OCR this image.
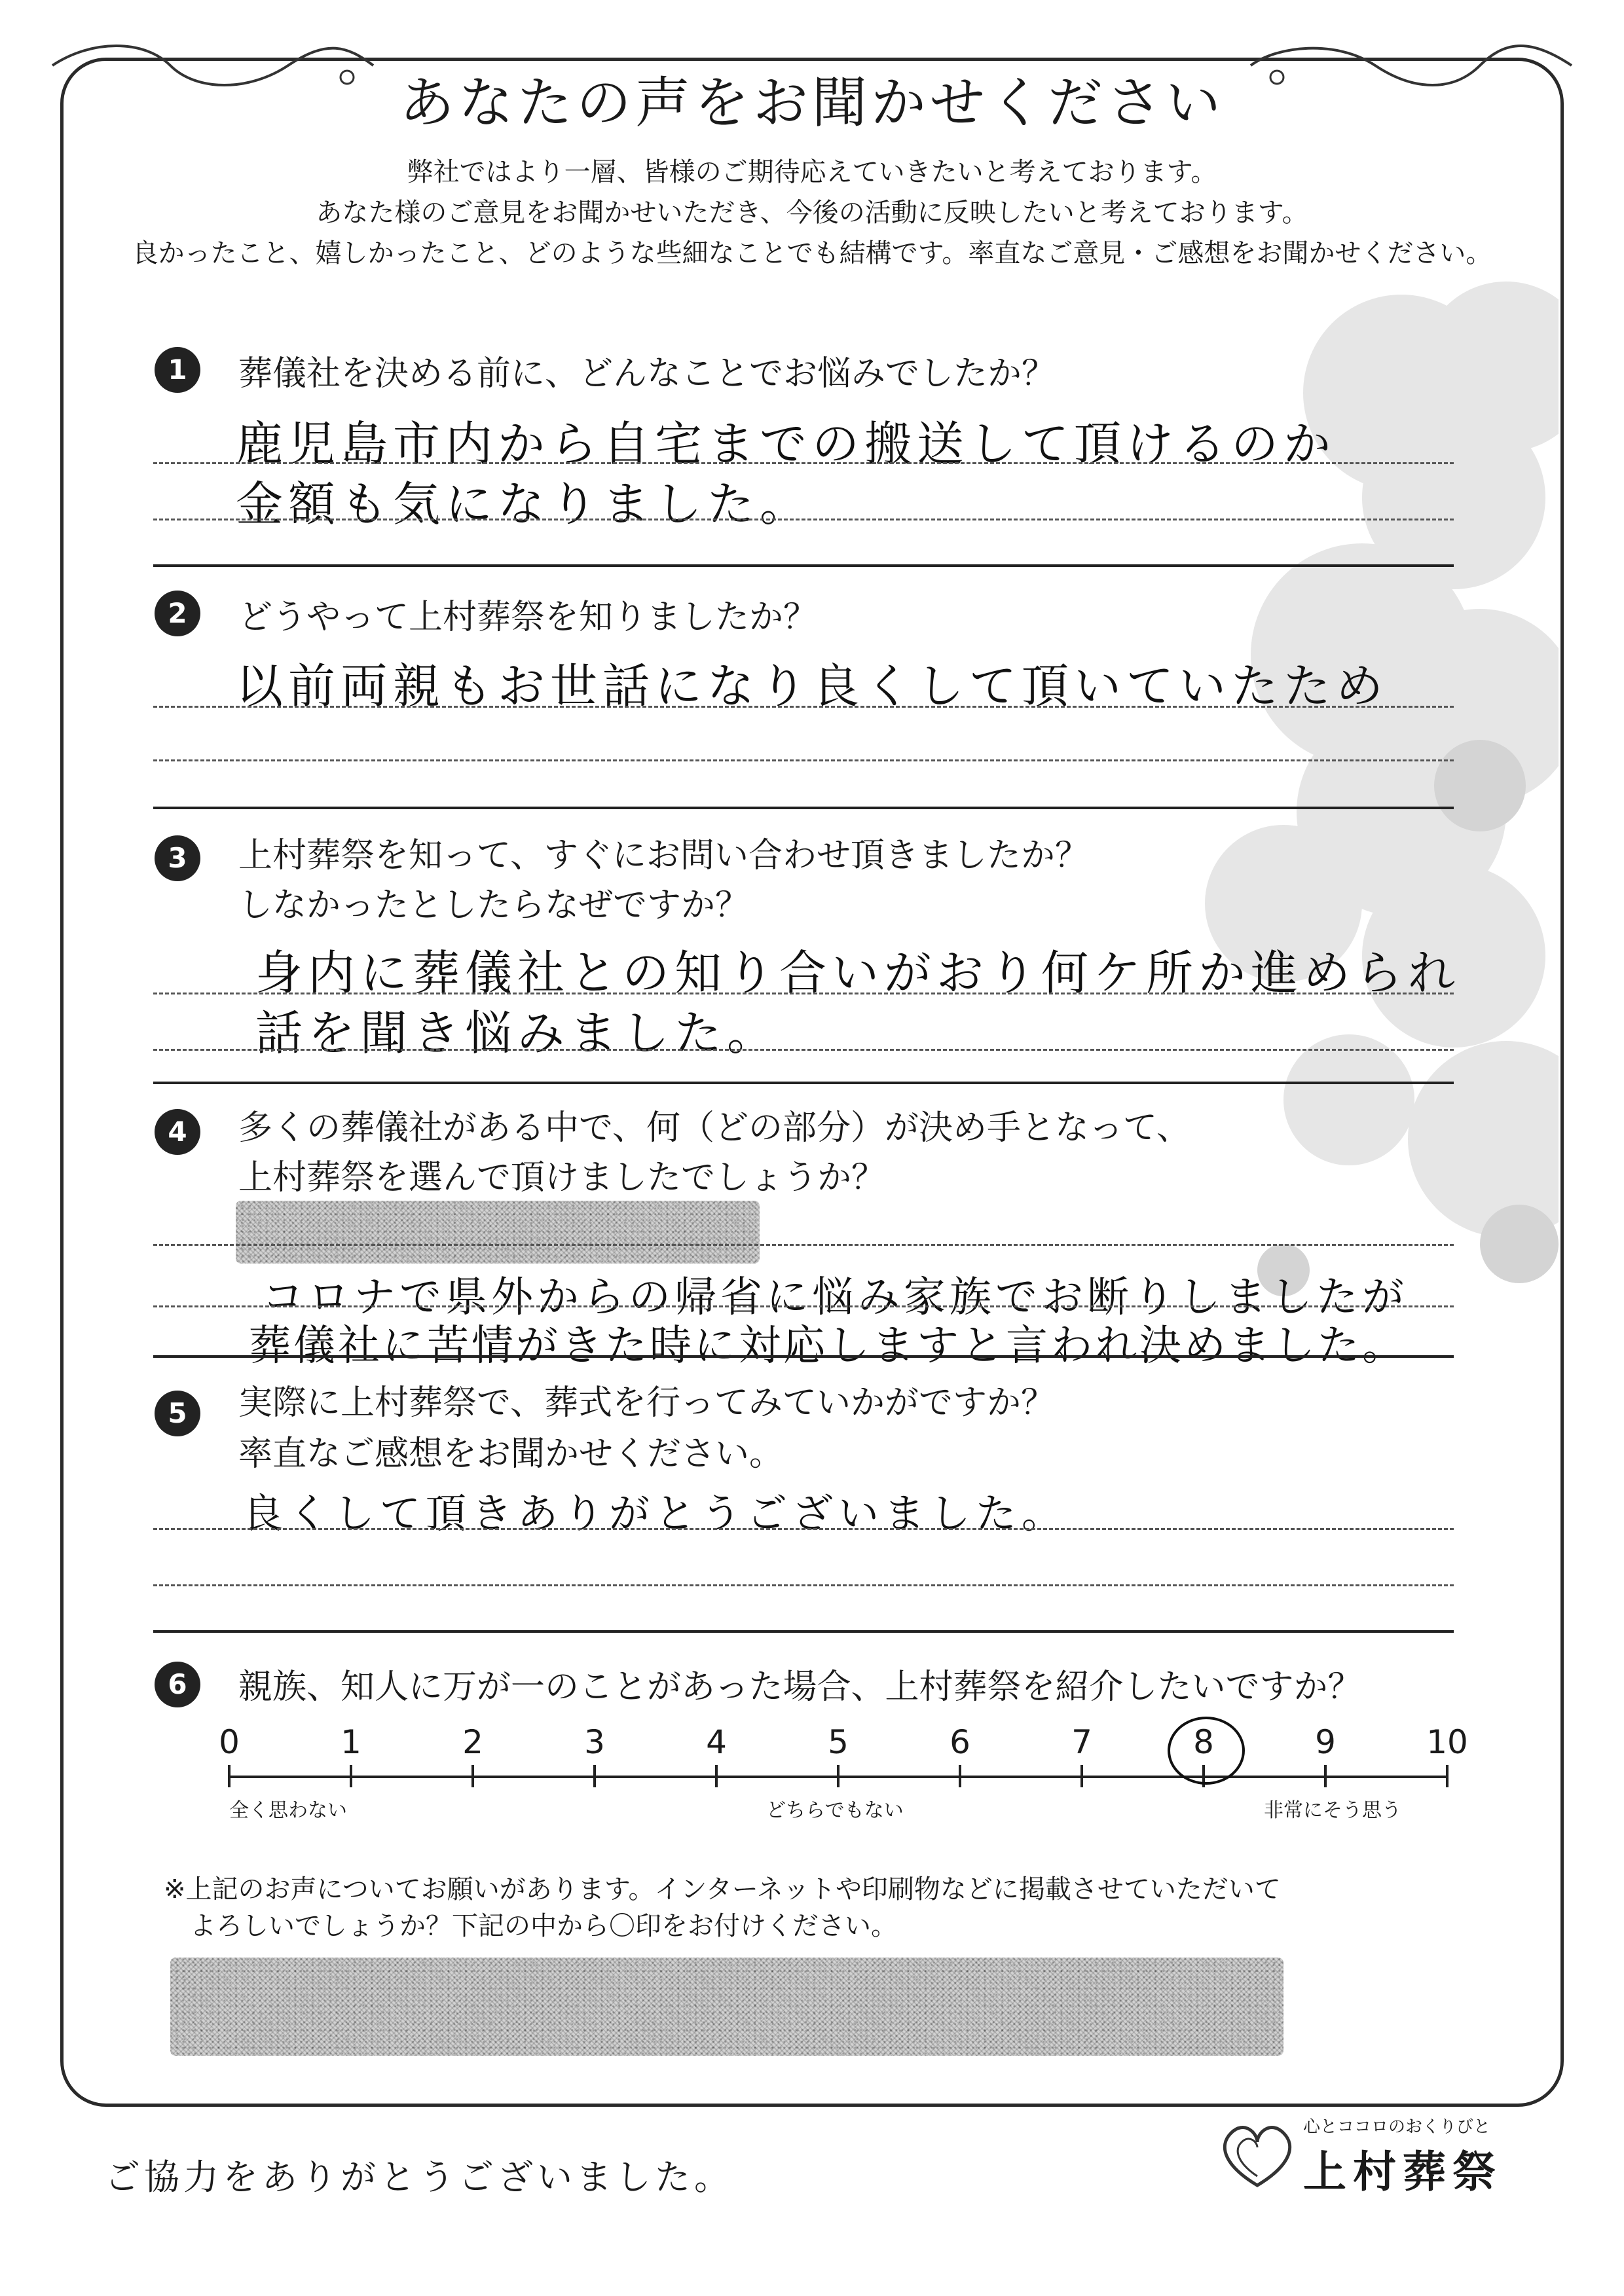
あなたの声をお聞かせください
弊社ではより一層、皆様のご期待応えていきたいと考えております。
あなた様のご意見をお聞かせいただき、今後の活動に反映したいと考えております。
良かったこと、嬉しかったこと、どのような些細なことでも結構です。率直なご意見・ご感想をお聞かせください。
1	葬儀社を決める前に、どんなことでお悩みでしたか？
鹿児島市内から自宅までの搬送して頂けるのか
金額も気になりました。
2	どうやって上村葬祭を知りましたか？
以前両親もお世話になり良くして頂いていたため
3	上村葬祭を知って、すぐにお問い合わせ頂きましたか？
しなかったとしたらなぜですか？
身内に葬儀社との知り合いがおり何ケ所か進められ
話を聞き悩みました。
4	多くの葬儀社がある中で、何（どの部分）が決め手となって、
上村葬祭を選んで頂けましたでしょうか？
コロナで県外からの帰省に悩み家族でお断りしましたが
葬儀社に苦情がきた時に対応しますと言われ決めました。
5	実際に上村葬祭で、葬式を行ってみていかがですか？
率直なご感想をお聞かせください。
良くして頂きありがとうございました。
6	親族、知人に万が一のことがあった場合、上村葬祭を紹介したいですか？
全く思わない	どちらでもない	非常にそう思う
0	1	2	3	4	5	6	7	8	9	10
※上記のお声についてお願いがあります。インターネットや印刷物などに掲載させていただいて
よろしいでしょうか？下記の中から〇印をお付けください。
ご協力をありがとうございました。
心とココロのおくりびと
上村葬祭
